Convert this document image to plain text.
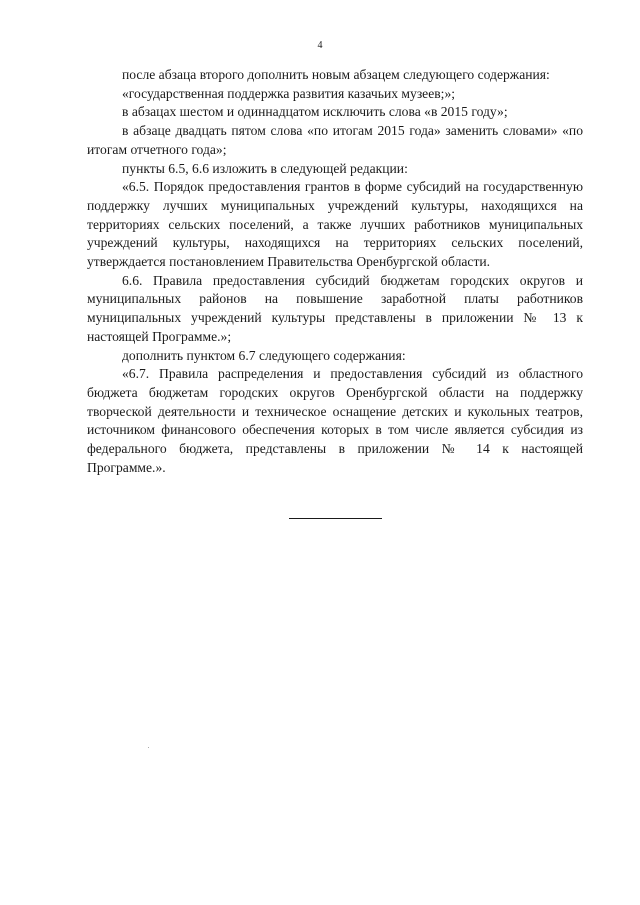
4

после абзаца второго дополнить новым абзацем следующего содержания:

«государственная поддержка развития казачьих музеев;»;

в абзацах шестом и одиннадцатом исключить слова «в 2015 году»;

в абзаце двадцать пятом слова «по итогам 2015 года» заменить словами» «по итогам отчетного года»;

пункты 6.5, 6.6 изложить в следующей редакции:

«6.5. Порядок предоставления грантов в форме субсидий на государственную поддержку лучших муниципальных учреждений культуры, находящихся на территориях сельских поселений, а также лучших работников муниципальных учреждений культуры, находящихся на территориях сельских поселений, утверждается постановлением Правительства Оренбургской области.

6.6. Правила предоставления субсидий бюджетам городских округов и муниципальных районов на повышение заработной платы работников муниципальных учреждений культуры представлены в приложении № 13 к настоящей Программе.»;

дополнить пунктом 6.7 следующего содержания:

«6.7. Правила распределения и предоставления субсидий из областного бюджета бюджетам городских округов Оренбургской области на поддержку творческой деятельности и техническое оснащение детских и кукольных театров, источником финансового обеспечения которых в том числе является субсидия из федерального бюджета, представлены в приложении № 14 к настоящей Программе.».
